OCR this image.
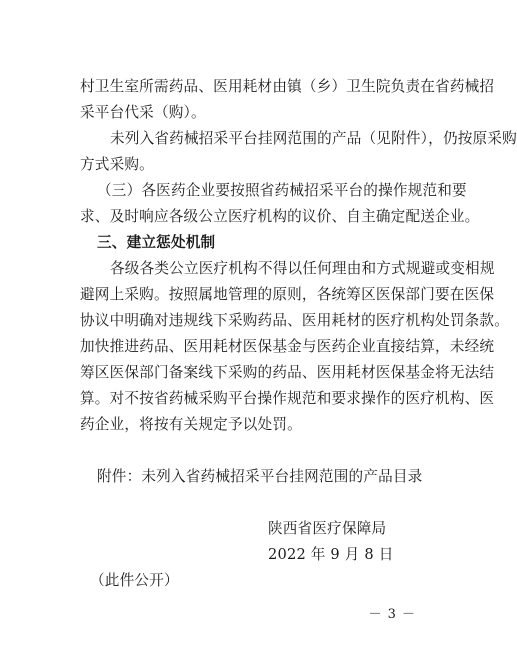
村卫生室所需药品、医用耗材由镇（乡）卫生院负责在省药械招
采平台代采（购）。
未列入省药械招采平台挂网范围的产品（见附件），仍按原采购
方式采购。
（三）各医药企业要按照省药械招采平台的操作规范和要
求、及时响应各级公立医疗机构的议价、自主确定配送企业。
三、建立惩处机制
各级各类公立医疗机构不得以任何理由和方式规避或变相规
避网上采购。按照属地管理的原则，各统筹区医保部门要在医保
协议中明确对违规线下采购药品、医用耗材的医疗机构处罚条款。
加快推进药品、医用耗材医保基金与医药企业直接结算，未经统
筹区医保部门备案线下采购的药品、医用耗材医保基金将无法结
算。对不按省药械采购平台操作规范和要求操作的医疗机构、医
药企业，将按有关规定予以处罚。
附件：未列入省药械招采平台挂网范围的产品目录
陕西省医疗保障局
2022 年 9 月 8 日
（此件公开）
－ 3 －
